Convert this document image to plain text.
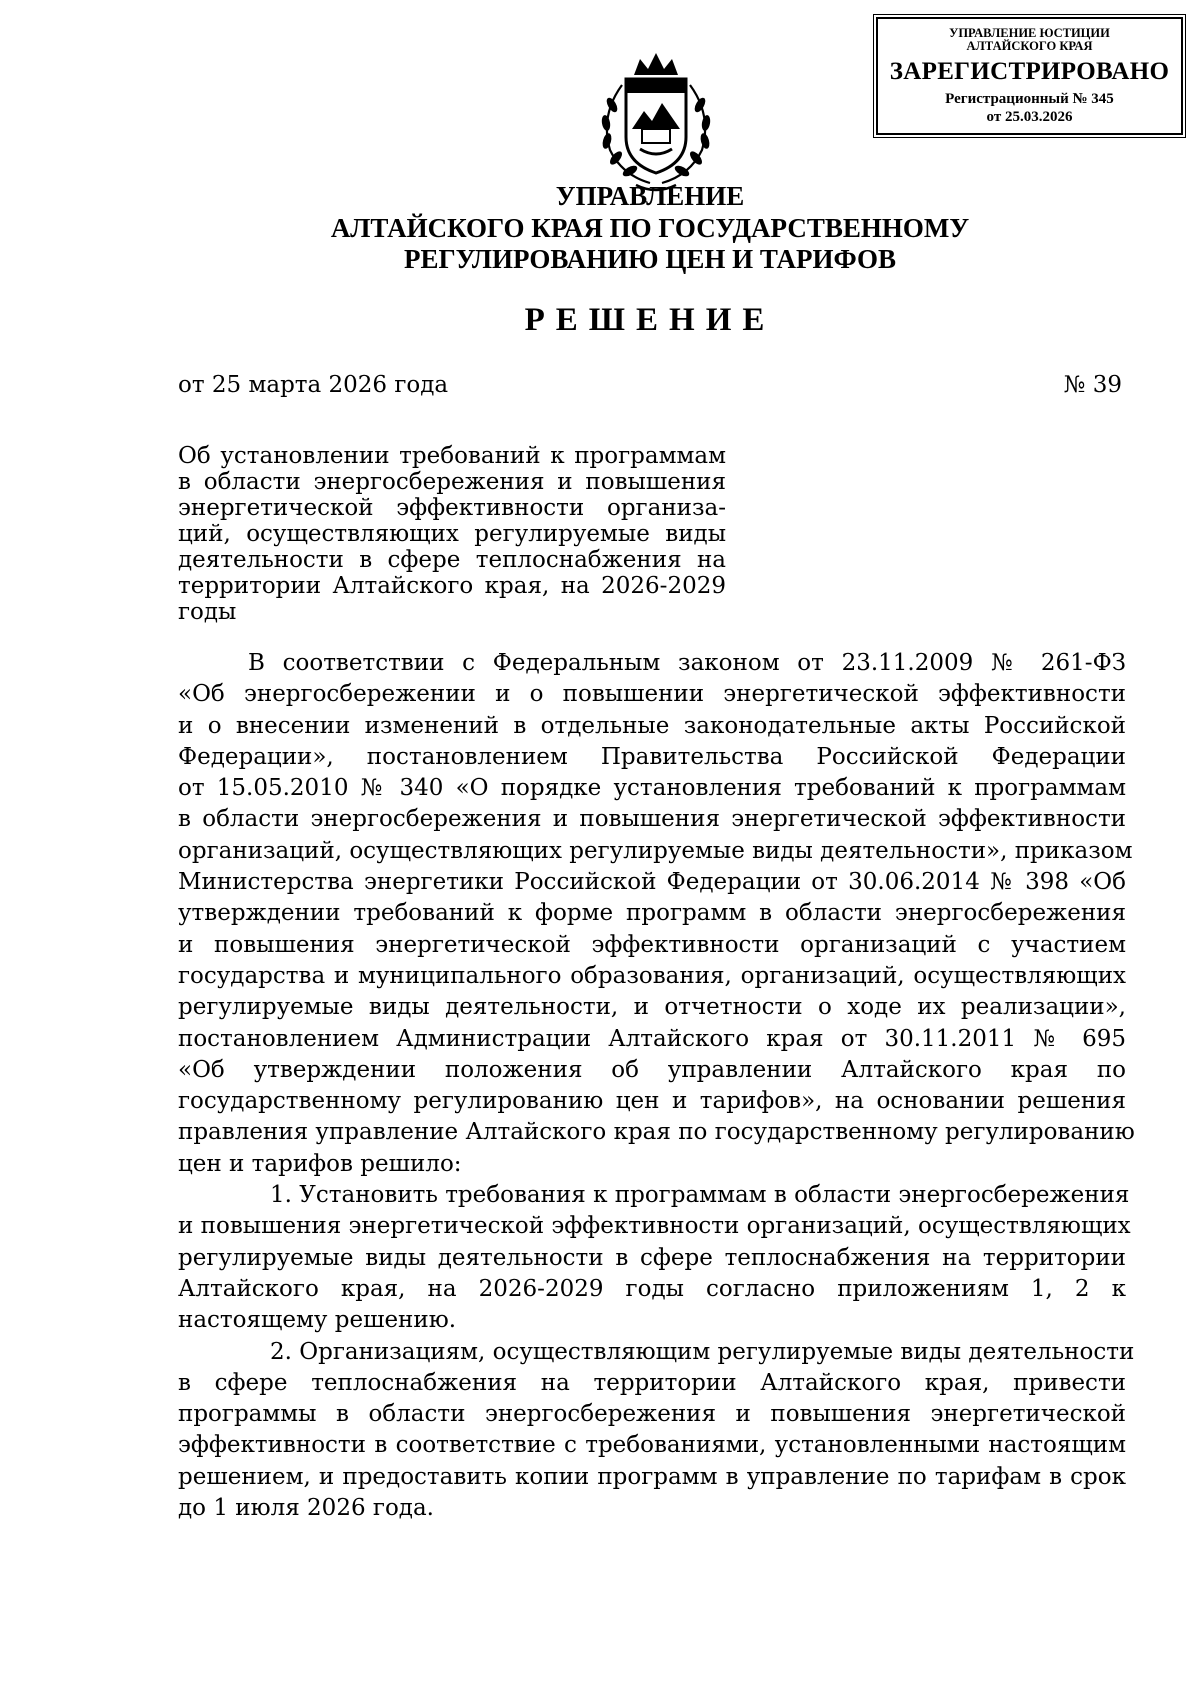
УПРАВЛЕНИЕ ЮСТИЦИИ
АЛТАЙСКОГО КРАЯ
ЗАРЕГИСТРИРОВАНО
Регистрационный № 345
от 25.03.2026
УПРАВЛЕНИЕ
АЛТАЙСКОГО КРАЯ ПО ГОСУДАРСТВЕННОМУ
РЕГУЛИРОВАНИЮ ЦЕН И ТАРИФОВ
РЕШЕНИЕ
от 25 марта 2026 года	№ 39
Об установлении требований к программам
в области энергосбережения и повышения
энергетической эффективности организа-
ций, осуществляющих регулируемые виды
деятельности в сфере теплоснабжения на
территории Алтайского края, на 2026-2029
годы
В соответствии с Федеральным законом от 23.11.2009 № 261-ФЗ
«Об энергосбережении и о повышении энергетической эффективности
и о внесении изменений в отдельные законодательные акты Российской
Федерации», постановлением Правительства Российской Федерации
от 15.05.2010 № 340 «О порядке установления требований к программам
в области энергосбережения и повышения энергетической эффективности
организаций, осуществляющих регулируемые виды деятельности», приказом
Министерства энергетики Российской Федерации от 30.06.2014 № 398 «Об
утверждении требований к форме программ в области энергосбережения
и повышения энергетической эффективности организаций с участием
государства и муниципального образования, организаций, осуществляющих
регулируемые виды деятельности, и отчетности о ходе их реализации»,
постановлением Администрации Алтайского края от 30.11.2011 № 695
«Об утверждении положения об управлении Алтайского края по
государственному регулированию цен и тарифов», на основании решения
правления управление Алтайского края по государственному регулированию
цен и тарифов решило:
1. Установить требования к программам в области энергосбережения
и повышения энергетической эффективности организаций, осуществляющих
регулируемые виды деятельности в сфере теплоснабжения на территории
Алтайского края, на 2026-2029 годы согласно приложениям 1, 2 к
настоящему решению.
2. Организациям, осуществляющим регулируемые виды деятельности
в сфере теплоснабжения на территории Алтайского края, привести
программы в области энергосбережения и повышения энергетической
эффективности в соответствие с требованиями, установленными настоящим
решением, и предоставить копии программ в управление по тарифам в срок
до 1 июля 2026 года.
